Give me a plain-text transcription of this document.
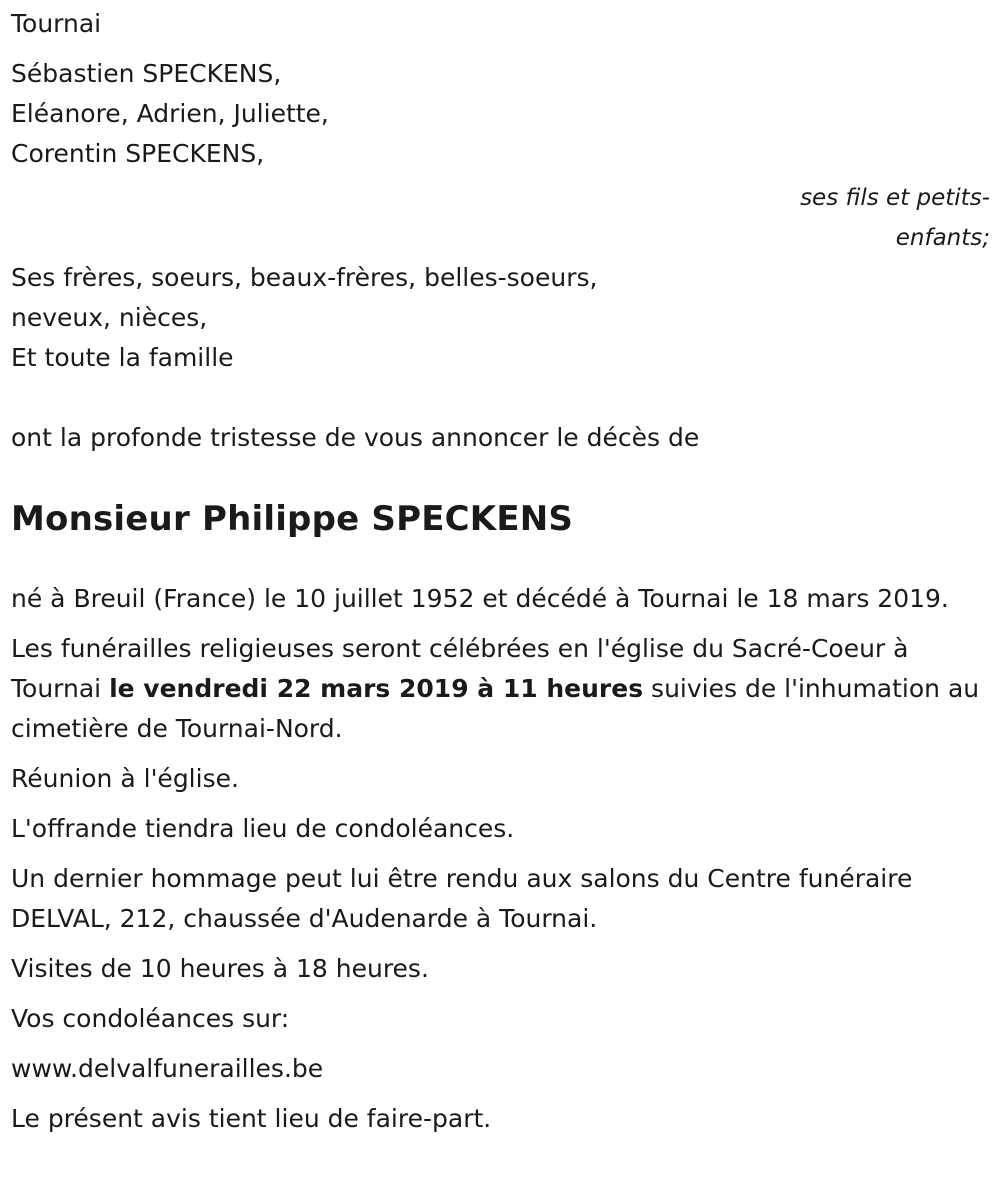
Tournai

Sébastien SPECKENS,

Eléanore, Adrien, Juliette,

Corentin SPECKENS,

ses fils et petits-

enfants;

Ses frères, soeurs, beaux-frères, belles-soeurs,

neveux, nièces,

Et toute la famille

ont la profonde tristesse de vous annoncer le décès de

Monsieur Philippe SPECKENS

né à Breuil (France) le 10 juillet 1952 et décédé à Tournai le 18 mars 2019.

Les funérailles religieuses seront célébrées en l'église du Sacré-Coeur à Tournai le vendredi 22 mars 2019 à 11 heures suivies de l'inhumation au cimetière de Tournai-Nord.

Réunion à l'église.

L'offrande tiendra lieu de condoléances.

Un dernier hommage peut lui être rendu aux salons du Centre funéraire DELVAL, 212, chaussée d'Audenarde à Tournai.

Visites de 10 heures à 18 heures.

Vos condoléances sur:

www.delvalfunerailles.be

Le présent avis tient lieu de faire-part.
